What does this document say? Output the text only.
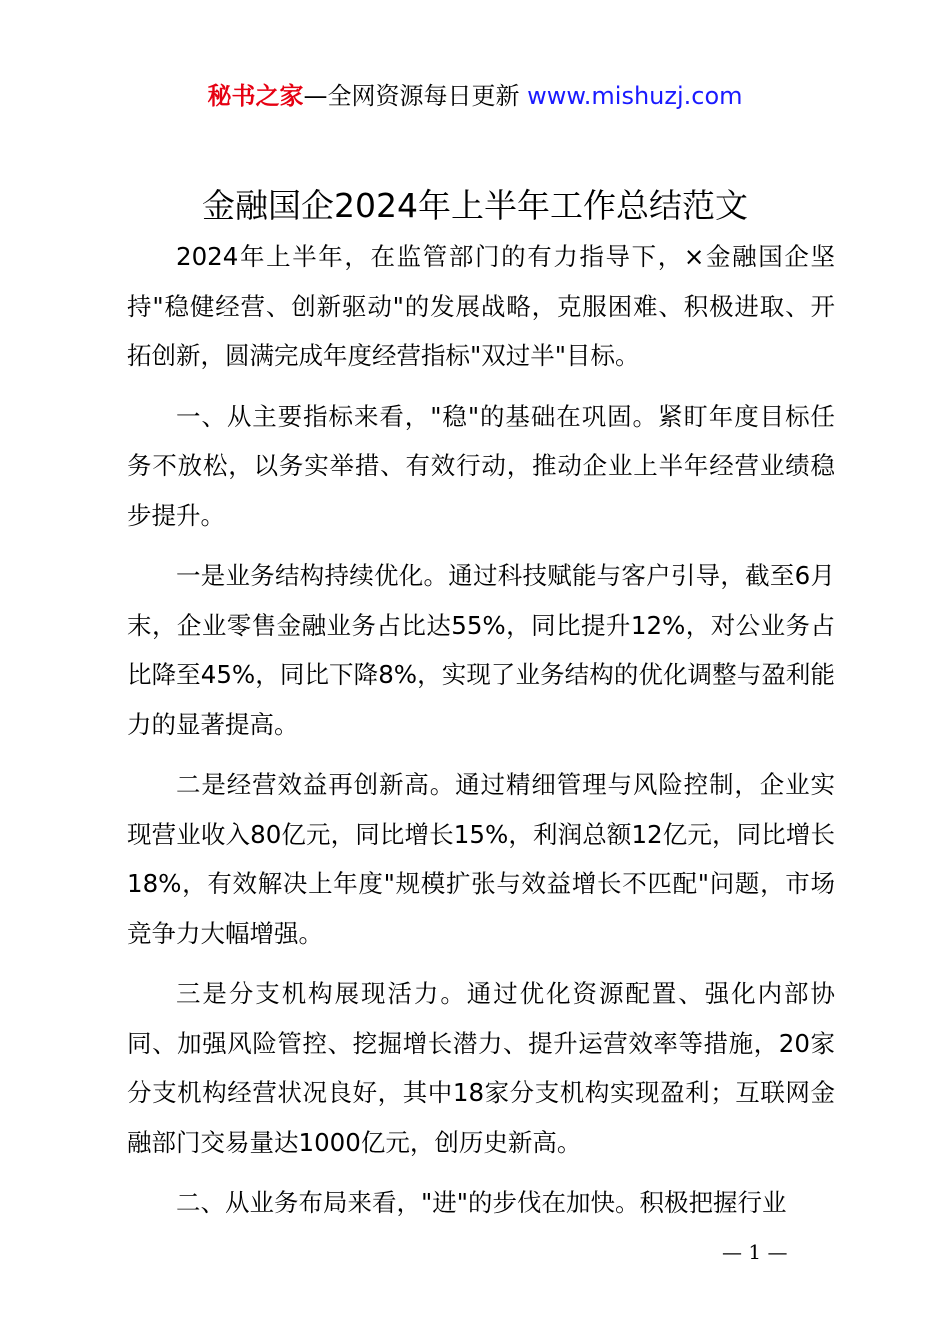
秘书之家—全网资源每日更新 www.mishuzj.com
金融国企2024年上半年工作总结范文

2024年上半年，在监管部门的有力指导下，×金融国企坚持"稳健经营、创新驱动"的发展战略，克服困难、积极进取、开拓创新，圆满完成年度经营指标"双过半"目标。

一、从主要指标来看，"稳"的基础在巩固。紧盯年度目标任务不放松，以务实举措、有效行动，推动企业上半年经营业绩稳步提升。

一是业务结构持续优化。通过科技赋能与客户引导，截至6月末，企业零售金融业务占比达55%，同比提升12%，对公业务占比降至45%，同比下降8%，实现了业务结构的优化调整与盈利能力的显著提高。

二是经营效益再创新高。通过精细管理与风险控制，企业实现营业收入80亿元，同比增长15%，利润总额12亿元，同比增长18%，有效解决上年度"规模扩张与效益增长不匹配"问题，市场竞争力大幅增强。

三是分支机构展现活力。通过优化资源配置、强化内部协同、加强风险管控、挖掘增长潜力、提升运营效率等措施，20家分支机构经营状况良好，其中18家分支机构实现盈利；互联网金融部门交易量达1000亿元，创历史新高。

二、从业务布局来看，"进"的步伐在加快。积极把握行业

— 1 —
